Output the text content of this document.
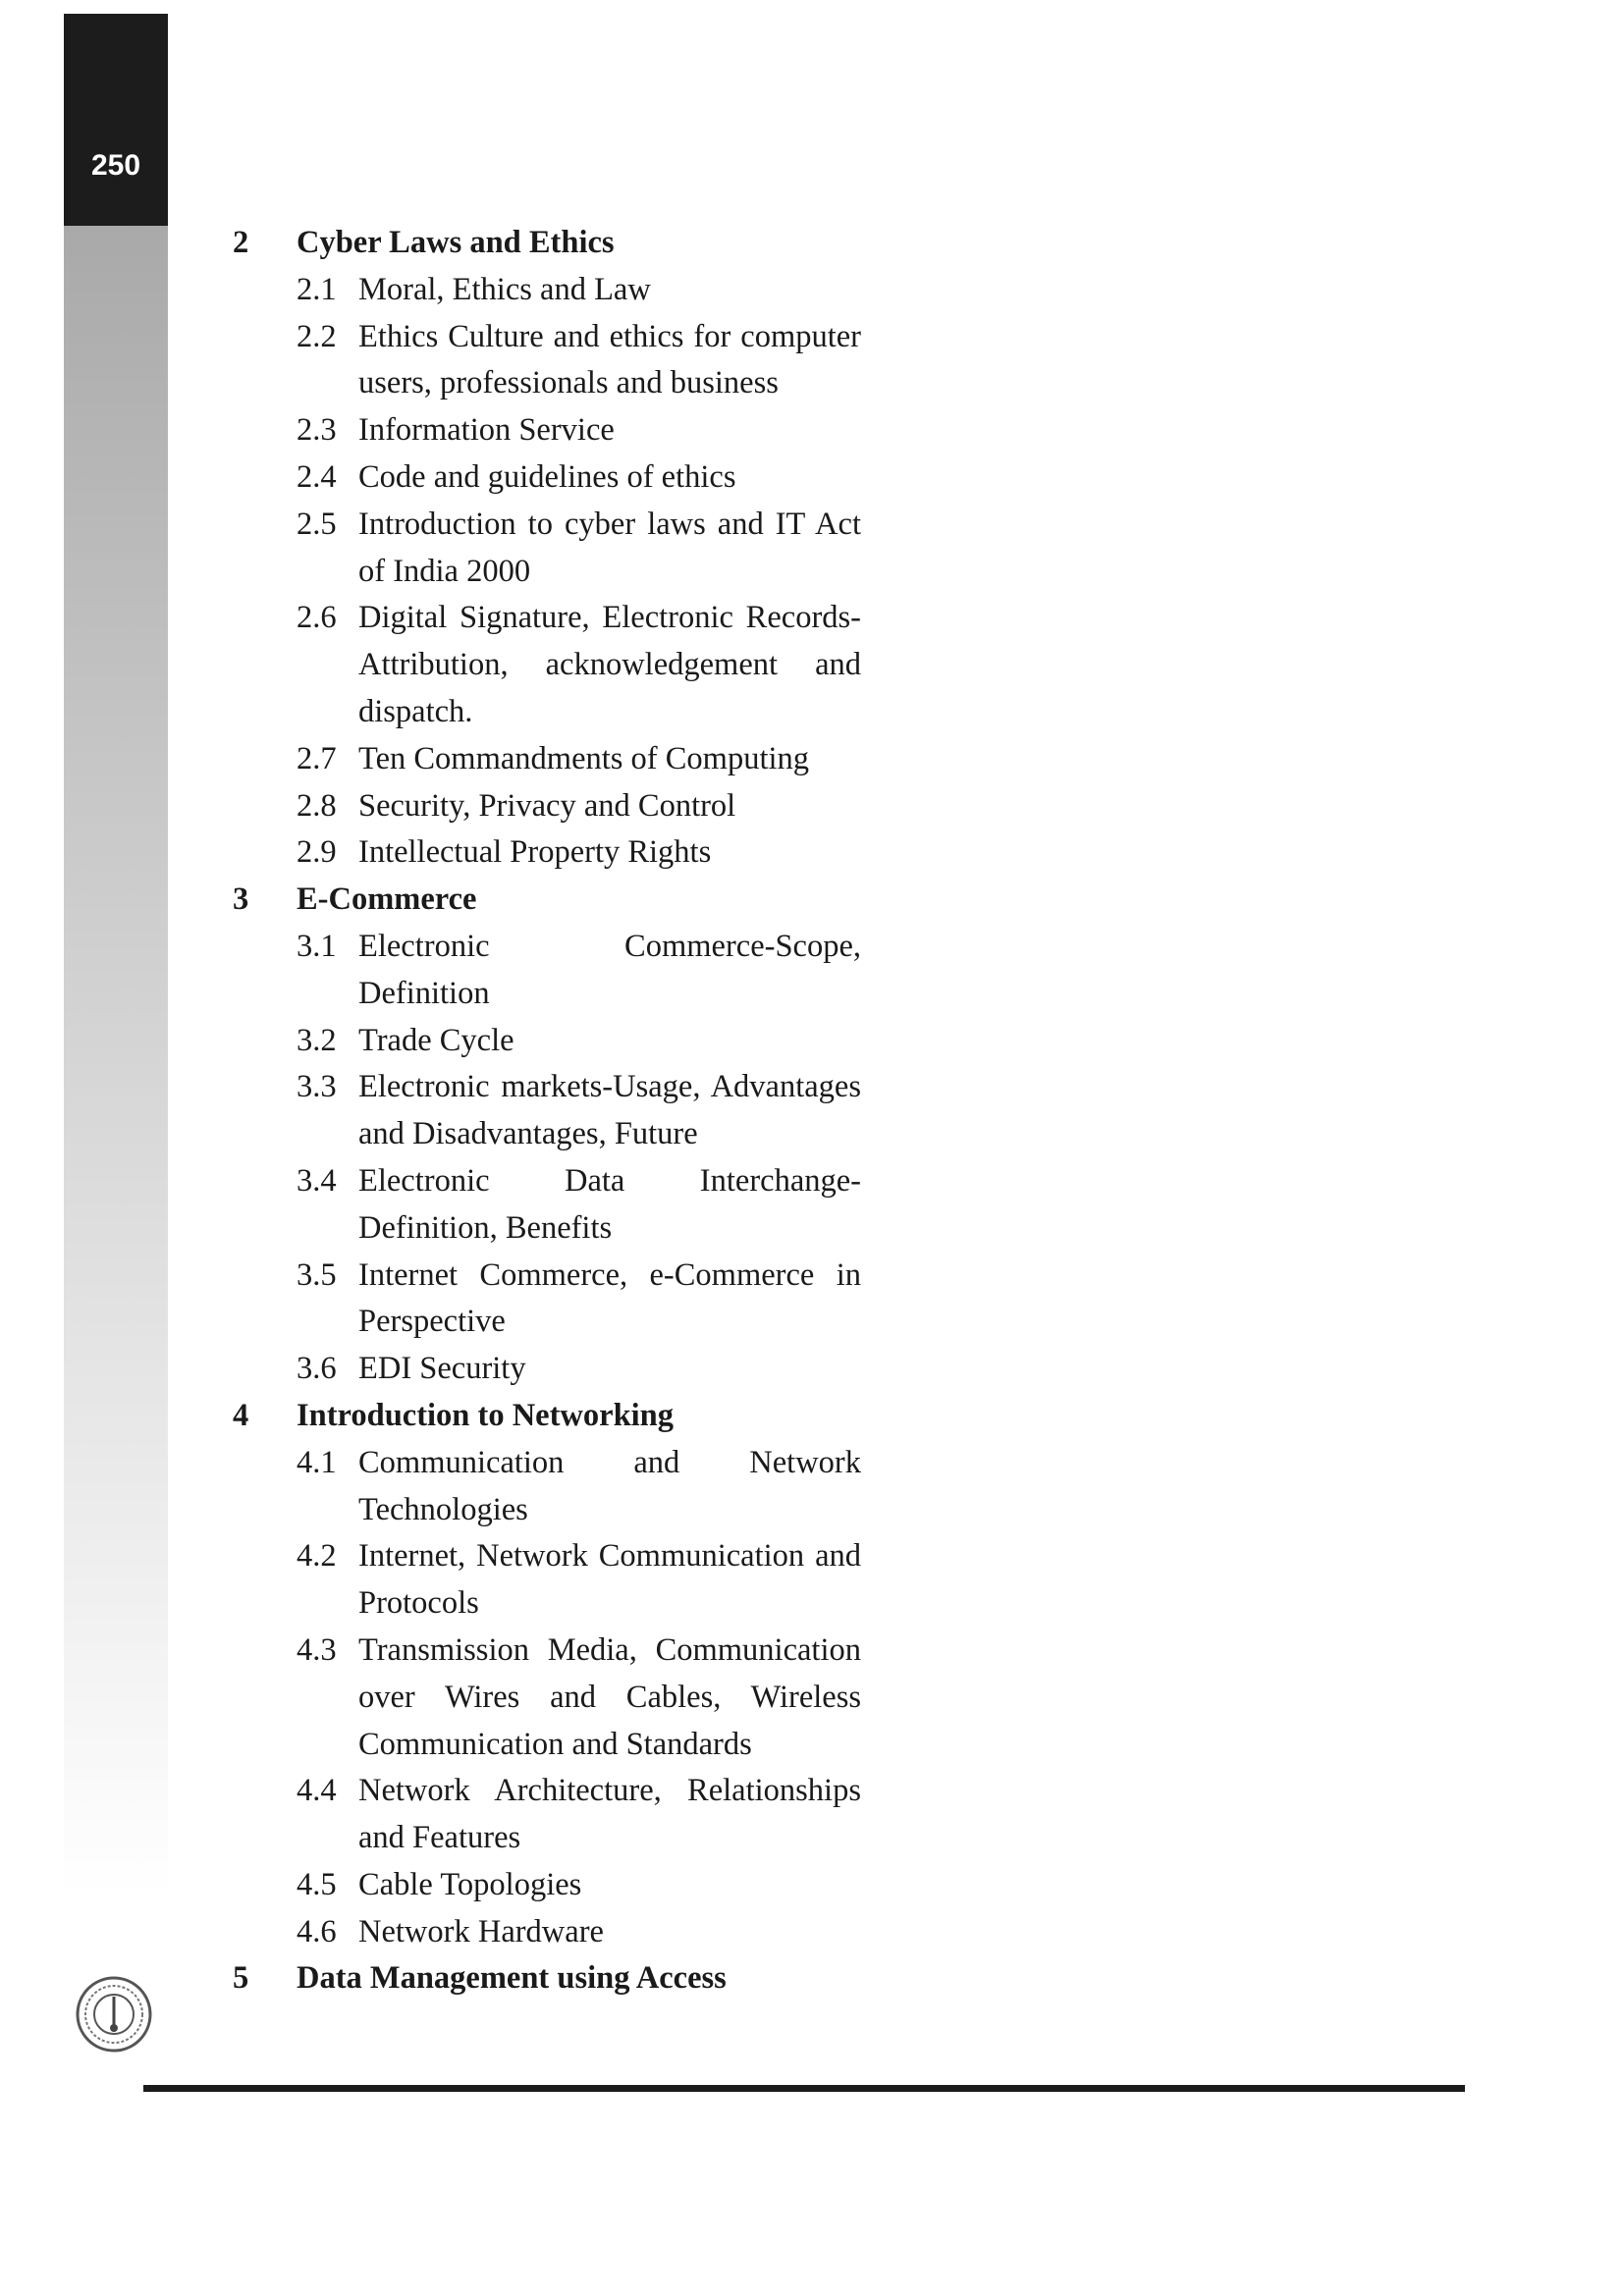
250
2	Cyber Laws and Ethics
2.1 Moral, Ethics and Law
2.2 Ethics Culture and ethics for computer users, professionals and business
2.3 Information Service
2.4 Code and guidelines of ethics
2.5 Introduction to cyber laws and IT Act of India 2000
2.6 Digital Signature, Electronic Records-Attribution, acknowledgement and dispatch.
2.7 Ten Commandments of Computing
2.8 Security, Privacy and Control
2.9 Intellectual Property Rights
3	E-Commerce
3.1 Electronic Commerce-Scope, Definition
3.2 Trade Cycle
3.3 Electronic markets-Usage, Advantages and Disadvantages, Future
3.4 Electronic Data Interchange-Definition, Benefits
3.5 Internet Commerce, e-Commerce in Perspective
3.6 EDI Security
4	Introduction to Networking
4.1 Communication and Network Technologies
4.2 Internet, Network Communication and Protocols
4.3 Transmission Media, Communication over Wires and Cables, Wireless Communication and Standards
4.4 Network Architecture, Relationships and Features
4.5 Cable Topologies
4.6 Network Hardware
5	Data Management using Access
